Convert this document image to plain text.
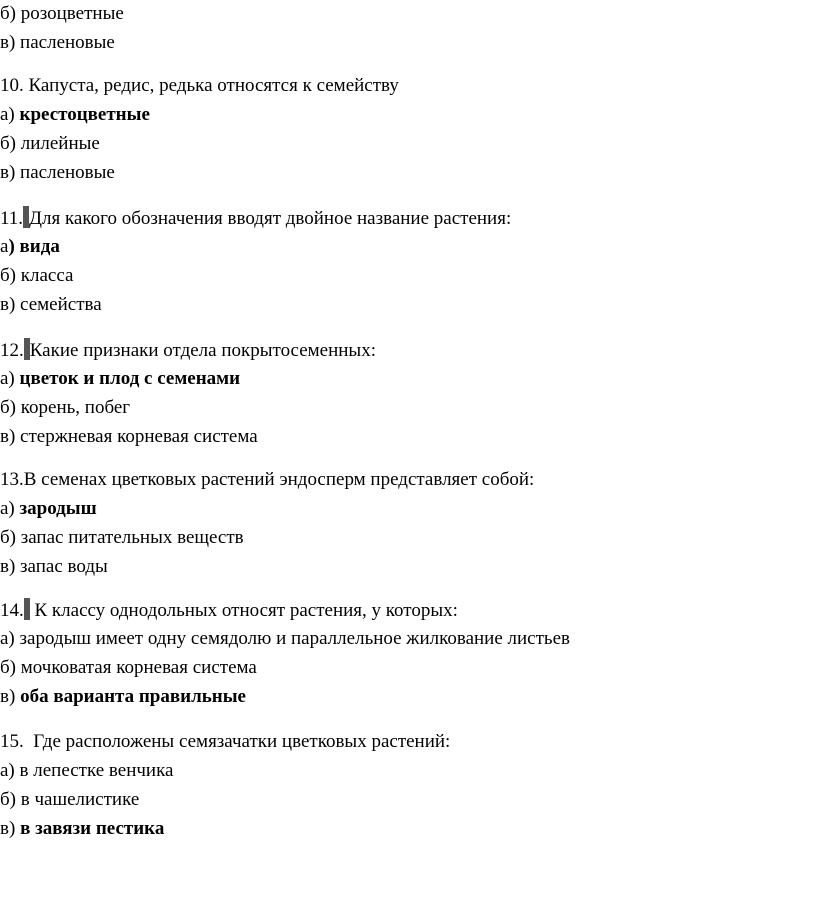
б) розоцветные
в) пасленовые
10. Капуста, редис, редька относятся к семейству
а) крестоцветные
б) лилейные
в) пасленовые
11. Для какого обозначения вводят двойное название растения:
а) вида
б) класса
в) семейства
12. Какие признаки отдела покрытосеменных:
а) цветок и плод с семенами
б) корень, побег
в) стержневая корневая система
13.В семенах цветковых растений эндосперм представляет собой:
а) зародыш
б) запас питательных веществ
в) запас воды
14. К классу однодольных относят растения, у которых:
а) зародыш имеет одну семядолю и параллельное жилкование листьев
б) мочковатая корневая система
в) оба варианта правильные
15.  Где расположены семязачатки цветковых растений:
а) в лепестке венчика
б) в чашелистике
в) в завязи пестика
